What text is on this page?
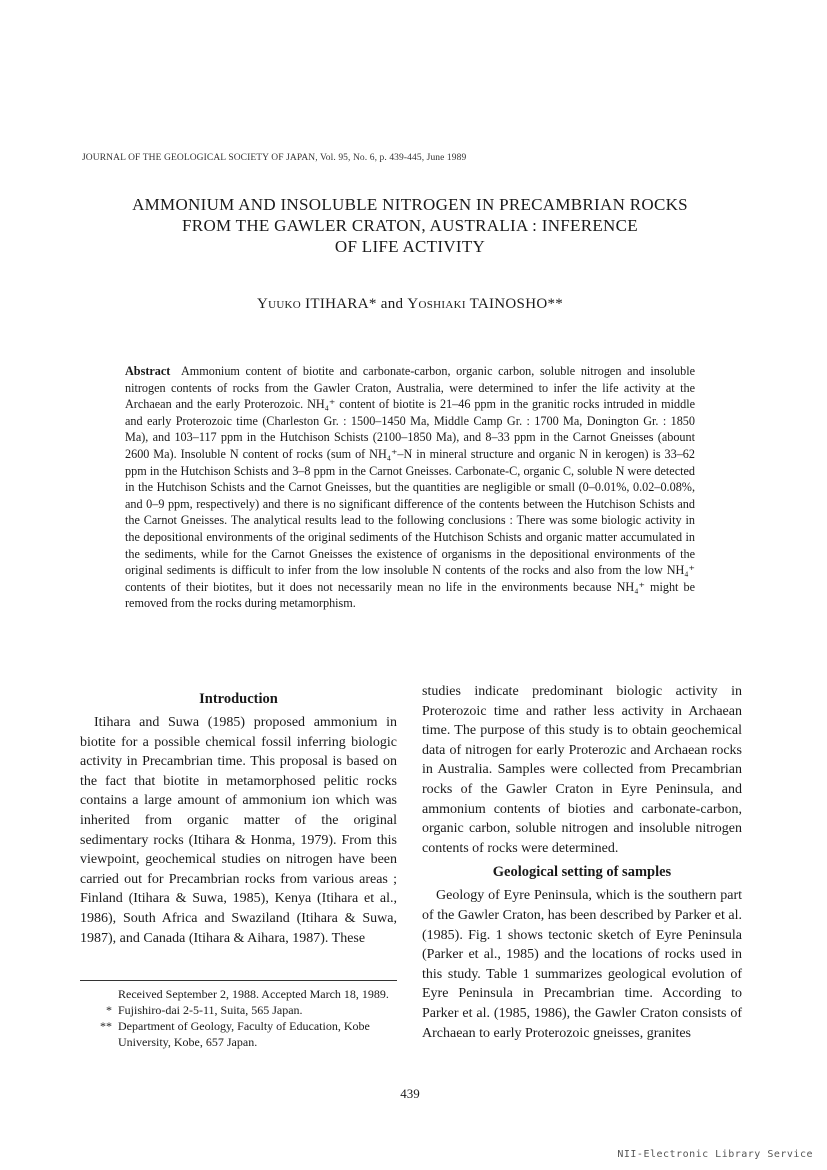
JOURNAL OF THE GEOLOGICAL SOCIETY OF JAPAN, Vol. 95, No. 6, p. 439-445, June 1989
AMMONIUM AND INSOLUBLE NITROGEN IN PRECAMBRIAN ROCKS
FROM THE GAWLER CRATON, AUSTRALIA : INFERENCE
OF LIFE ACTIVITY
Yuuko ITIHARA* and Yoshiaki TAINOSHO**
Abstract Ammonium content of biotite and carbonate-carbon, organic carbon, soluble nitrogen and insoluble nitrogen contents of rocks from the Gawler Craton, Australia, were determined to infer the life activity at the Archaean and the early Proterozoic. NH₄⁺ content of biotite is 21–46 ppm in the granitic rocks intruded in middle and early Proterozoic time (Charleston Gr. : 1500–1450 Ma, Middle Camp Gr. : 1700 Ma, Donington Gr. : 1850 Ma), and 103–117 ppm in the Hutchison Schists (2100–1850 Ma), and 8–33 ppm in the Carnot Gneisses (abount 2600 Ma). Insoluble N content of rocks (sum of NH₄⁺–N in mineral structure and organic N in kerogen) is 33–62 ppm in the Hutchison Schists and 3–8 ppm in the Carnot Gneisses. Carbonate-C, organic C, soluble N were detected in the Hutchison Schists and the Carnot Gneisses, but the quantities are negligible or small (0–0.01%, 0.02–0.08%, and 0–9 ppm, respectively) and there is no significant difference of the contents between the Hutchison Schists and the Carnot Gneisses. The analytical results lead to the following conclusions : There was some biologic activity in the depositional environments of the original sediments of the Hutchison Schists and organic matter accumulated in the sediments, while for the Carnot Gneisses the existence of organisms in the depositional environments of the original sediments is difficult to infer from the low insoluble N contents of the rocks and also from the low NH₄⁺ contents of their biotites, but it does not necessarily mean no life in the environments because NH₄⁺ might be removed from the rocks during metamorphism.
Introduction

Itihara and Suwa (1985) proposed ammonium in biotite for a possible chemical fossil inferring biologic activity in Precambrian time. This proposal is based on the fact that biotite in metamorphosed pelitic rocks contains a large amount of ammonium ion which was inherited from organic matter of the original sedimentary rocks (Itihara & Honma, 1979). From this viewpoint, geochemical studies on nitrogen have been carried out for Precambrian rocks from various areas ; Finland (Itihara & Suwa, 1985), Kenya (Itihara et al., 1986), South Africa and Swaziland (Itihara & Suwa, 1987), and Canada (Itihara & Aihara, 1987). These

Received September 2, 1988. Accepted March 18, 1989.
* Fujishiro-dai 2-5-11, Suita, 565 Japan.
** Department of Geology, Faculty of Education, Kobe University, Kobe, 657 Japan.

studies indicate predominant biologic activity in Proterozoic time and rather less activity in Archaean time. The purpose of this study is to obtain geochemical data of nitrogen for early Proterozic and Archaean rocks in Australia. Samples were collected from Precambrian rocks of the Gawler Craton in Eyre Peninsula, and ammonium contents of bioties and carbonate-carbon, organic carbon, soluble nitrogen and insoluble nitrogen contents of rocks were determined.

Geological setting of samples

Geology of Eyre Peninsula, which is the southern part of the Gawler Craton, has been described by Parker et al. (1985). Fig. 1 shows tectonic sketch of Eyre Peninsula (Parker et al., 1985) and the locations of rocks used in this study. Table 1 summarizes geological evolution of Eyre Peninsula in Precambrian time. According to Parker et al. (1985, 1986), the Gawler Craton consists of Archaean to early Proterozoic gneisses, granites

439
NII-Electronic Library Service
